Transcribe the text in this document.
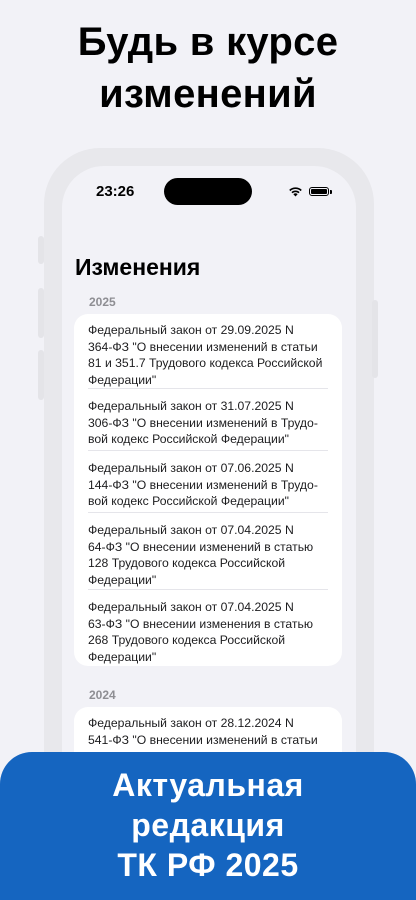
Будь в курсе
изменений
23:26
Изменения
2025
Федеральный закон от 29.09.2025 N
364-ФЗ "О внесении изменений в статьи
81 и 351.7 Трудового кодекса Российской
Федерации"
Федеральный закон от 31.07.2025 N
306-ФЗ "О внесении изменений в Трудо-
вой кодекс Российской Федерации"
Федеральный закон от 07.06.2025 N
144-ФЗ "О внесении изменений в Трудо-
вой кодекс Российской Федерации"
Федеральный закон от 07.04.2025 N
64-ФЗ "О внесении изменений в статью
128 Трудового кодекса Российской
Федерации"
Федеральный закон от 07.04.2025 N
63-ФЗ "О внесении изменения в статью
268 Трудового кодекса Российской
Федерации"
2024
Федеральный закон от 28.12.2024 N
541-ФЗ "О внесении изменений в статьи
Актуальная
редакция
ТК РФ 2025
